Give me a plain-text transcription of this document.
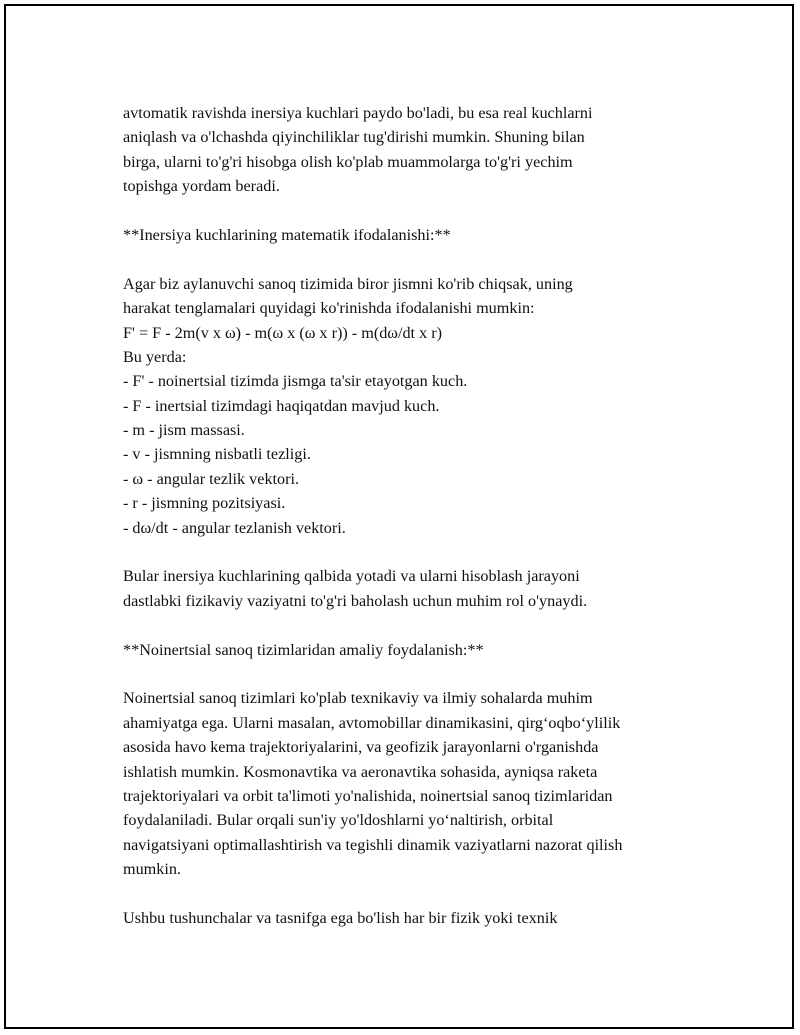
avtomatik ravishda inersiya kuchlari paydo bo'ladi, bu esa real kuchlarni
aniqlash va o'lchashda qiyinchiliklar tug'dirishi mumkin. Shuning bilan
birga, ularni to'g'ri hisobga olish ko'plab muammolarga to'g'ri yechim
topishga yordam beradi.
**Inersiya kuchlarining matematik ifodalanishi:**
Agar biz aylanuvchi sanoq tizimida biror jismni ko'rib chiqsak, uning
harakat tenglamalari quyidagi ko'rinishda ifodalanishi mumkin:
F' = F - 2m(v x ω) - m(ω x (ω x r)) - m(dω/dt x r)
Bu yerda:
- F' - noinertsial tizimda jismga ta'sir etayotgan kuch.
- F - inertsial tizimdagi haqiqatdan mavjud kuch.
- m - jism massasi.
- v - jismning nisbatli tezligi.
- ω - angular tezlik vektori.
- r - jismning pozitsiyasi.
- dω/dt - angular tezlanish vektori.
Bular inersiya kuchlarining qalbida yotadi va ularni hisoblash jarayoni
dastlabki fizikaviy vaziyatni to'g'ri baholash uchun muhim rol o'ynaydi.
**Noinertsial sanoq tizimlaridan amaliy foydalanish:**
Noinertsial sanoq tizimlari ko'plab texnikaviy va ilmiy sohalarda muhim
ahamiyatga ega. Ularni masalan, avtomobillar dinamikasini, qirg‘oqbo‘ylilik
asosida havo kema trajektoriyalarini, va geofizik jarayonlarni o'rganishda
ishlatish mumkin. Kosmonavtika va aeronavtika sohasida, ayniqsa raketa
trajektoriyalari va orbit ta'limoti yo'nalishida, noinertsial sanoq tizimlaridan
foydalaniladi. Bular orqali sun'iy yo'ldoshlarni yo‘naltirish, orbital
navigatsiyani optimallashtirish va tegishli dinamik vaziyatlarni nazorat qilish
mumkin.
Ushbu tushunchalar va tasnifga ega bo'lish har bir fizik yoki texnik
